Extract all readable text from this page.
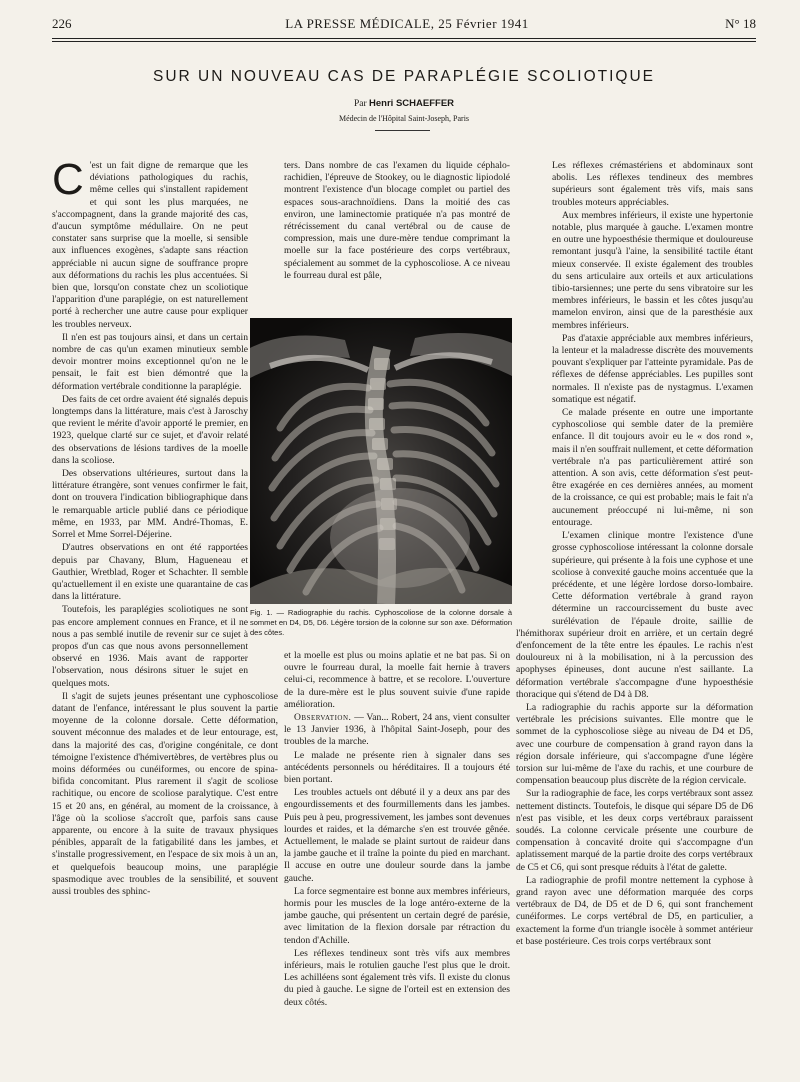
226	LA PRESSE MÉDICALE, 25 Février 1941	N° 18
SUR UN NOUVEAU CAS DE PARAPLÉGIE SCOLIOTIQUE
Par Henri SCHAEFFER
Médecin de l'Hôpital Saint-Joseph, Paris

C 'est un fait digne de remarque que les déviations pathologiques du rachis, même celles qui s'installent rapidement et qui sont les plus marquées, ne s'accompagnent, dans la grande majorité des cas, d'aucun symptôme médullaire. On ne peut constater sans surprise que la moelle, si sensible aux influences exogènes, s'adapte sans réaction appréciable ni aucun signe de souffrance propre aux déformations du rachis les plus accentuées. Si bien que, lorsqu'on constate chez un scoliotique l'apparition d'une paraplégie, on est naturellement porté à rechercher une autre cause pour expliquer les troubles nerveux.

Il n'en est pas toujours ainsi, et dans un certain nombre de cas qu'un examen minutieux semble devoir montrer moins exceptionnel qu'on ne le pensait, le fait est bien démontré que la déformation vertébrale conditionne la paraplégie.

Des faits de cet ordre avaient été signalés depuis longtemps dans la littérature, mais c'est à Jaroschy que revient le mérite d'avoir apporté le premier, en 1923, quelque clarté sur ce sujet, et d'avoir relaté des observations de lésions tardives de la moelle dans la scoliose.

Des observations ultérieures, surtout dans la littérature étrangère, sont venues confirmer le fait, dont on trouvera l'indication bibliographique dans le remarquable article publié dans ce périodique même, en 1933, par MM. André-Thomas, E. Sorrel et Mme Sorrel-Déjerine.

D'autres observations en ont été rapportées depuis par Chavany, Blum, Hagueneau et Gauthier, Wretblad, Roger et Schachter. Il semble qu'actuellement il en existe une quarantaine de cas dans la littérature.

Toutefois, les paraplégies scoliotiques ne sont pas encore amplement connues en France, et il ne nous a pas semblé inutile de revenir sur ce sujet à propos d'un cas que nous avons personnellement observé en 1936. Mais avant de rapporter l'observation, nous désirons situer le sujet en quelques mots.

Il s'agit de sujets jeunes présentant une cyphoscoliose datant de l'enfance, intéressant le plus souvent la partie moyenne de la colonne dorsale. Cette déformation, souvent méconnue des malades et de leur entourage, est, dans la majorité des cas, d'origine congénitale, ce dont témoigne l'existence d'hémivertèbres, de vertèbres plus ou moins déformées ou cunéiformes, ou encore de spina-bifida concomitant. Plus rarement il s'agit de scoliose rachitique, ou encore de scoliose paralytique. C'est entre 15 et 20 ans, en général, au moment de la croissance, à l'âge où la scoliose s'accroît que, parfois sans cause apparente, ou encore à la suite de travaux physiques pénibles, apparaît de la fatigabilité dans les jambes, et s'installe progressivement, en l'espace de six mois à un an, et quelquefois beaucoup moins, une paraplégie spasmodique avec troubles de la sensibilité, et souvent aussi troubles des sphinc-

ters. Dans nombre de cas l'examen du liquide céphalo-rachidien, l'épreuve de Stookey, ou le diagnostic lipiodolé montrent l'existence d'un blocage complet ou partiel des espaces sous-arachnoïdiens. Dans la moitié des cas environ, une laminectomie pratiquée n'a pas montré de rétrécissement du canal vertébral ou de cause de compression, mais une dure-mère tendue comprimant la moelle sur la face postérieure des corps vertébraux, spécialement au sommet de la cyphoscoliose. A ce niveau le fourreau dural est pâle,

Fig. 1. — Radiographie du rachis. Cyphoscoliose de la colonne dorsale à sommet en D4, D5, D6. Légère torsion de la colonne sur son axe. Déformation des côtes.

et la moelle est plus ou moins aplatie et ne bat pas. Si on ouvre le fourreau dural, la moelle fait hernie à travers celui-ci, recommence à battre, et se recolore. L'ouverture de la dure-mère est le plus souvent suivie d'une rapide amélioration.

Observation. — Van... Robert, 24 ans, vient consulter le 13 Janvier 1936, à l'hôpital Saint-Joseph, pour des troubles de la marche.

Le malade ne présente rien à signaler dans ses antécédents personnels ou héréditaires. Il a toujours été bien portant.

Les troubles actuels ont débuté il y a deux ans par des engourdissements et des fourmillements dans les jambes. Puis peu à peu, progressivement, les jambes sont devenues lourdes et raides, et la démarche s'en est trouvée gênée. Actuellement, le malade se plaint surtout de raideur dans la jambe gauche et il traîne la pointe du pied en marchant. Il accuse en outre une douleur sourde dans la jambe gauche.

La force segmentaire est bonne aux membres inférieurs, hormis pour les muscles de la loge antéro-externe de la jambe gauche, qui présentent un certain degré de parésie, avec limitation de la flexion dorsale par rétraction du tendon d'Achille.

Les réflexes tendineux sont très vifs aux membres inférieurs, mais le rotulien gauche l'est plus que le droit. Les achilléens sont également très vifs. Il existe du clonus du pied à gauche. Le signe de l'orteil est en extension des deux côtés.

Les réflexes crémastériens et abdominaux sont abolis. Les réflexes tendineux des membres supérieurs sont également très vifs, mais sans troubles moteurs appréciables.

Aux membres inférieurs, il existe une hypertonie notable, plus marquée à gauche. L'examen montre en outre une hypoesthésie thermique et douloureuse remontant jusqu'à l'aine, la sensibilité tactile étant mieux conservée. Il existe également des troubles du sens articulaire aux orteils et aux articulations tibio-tarsiennes; une perte du sens vibratoire sur les membres inférieurs, le bassin et les côtes jusqu'au mamelon environ, ainsi que de la paresthésie aux membres inférieurs.

Pas d'ataxie appréciable aux membres inférieurs, la lenteur et la maladresse discrète des mouvements pouvant s'expliquer par l'atteinte pyramidale. Pas de réflexes de défense appréciables. Les pupilles sont normales. Il n'existe pas de nystagmus. L'examen somatique est négatif.

Ce malade présente en outre une importante cyphoscoliose qui semble dater de la première enfance. Il dit toujours avoir eu le « dos rond », mais il n'en souffrait nullement, et cette déformation vertébrale n'a pas particulièrement attiré son attention. A son avis, cette déformation s'est peut-être exagérée en ces dernières années, au moment de la croissance, ce qui est probable; mais le fait n'a aucunement préoccupé ni lui-même, ni son entourage.

L'examen clinique montre l'existence d'une grosse cyphoscoliose intéressant la colonne dorsale supérieure, qui présente à la fois une cyphose et une scoliose à convexité gauche moins accentuée que la précédente, et une légère lordose dorso-lombaire. Cette déformation vertébrale à grand rayon détermine un raccourcissement du buste avec surélévation de l'épaule droite, saillie de l'hémithorax supérieur droit en arrière, et un certain degré d'enfoncement de la tête entre les épaules. Le rachis n'est douloureux ni à la mobilisation, ni à la percussion des apophyses épineuses, dont aucune n'est saillante. La déformation vertébrale s'accompagne d'une hypoesthésie thoracique qui s'étend de D4 à D8.

La radiographie du rachis apporte sur la déformation vertébrale les précisions suivantes. Elle montre que le sommet de la cyphoscoliose siège au niveau de D4 et D5, avec une courbure de compensation à grand rayon dans la région dorsale inférieure, qui s'accompagne d'une légère torsion sur lui-même de l'axe du rachis, et une courbure de compensation beaucoup plus discrète de la région cervicale.

Sur la radiographie de face, les corps vertébraux sont assez nettement distincts. Toutefois, le disque qui sépare D5 de D6 n'est pas visible, et les deux corps vertébraux paraissent soudés. La colonne cervicale présente une courbure de compensation à concavité droite qui s'accompagne d'un aplatissement marqué de la partie droite des corps vertébraux de C5 et C6, qui sont presque réduits à l'état de galette.

La radiographie de profil montre nettement la cyphose à grand rayon avec une déformation marquée des corps vertébraux de D4, de D5 et de D 6, qui sont franchement cunéiformes. Le corps vertébral de D5, en particulier, a exactement la forme d'un triangle isocèle à sommet antérieur et base postérieure. Ces trois corps vertébraux sont
